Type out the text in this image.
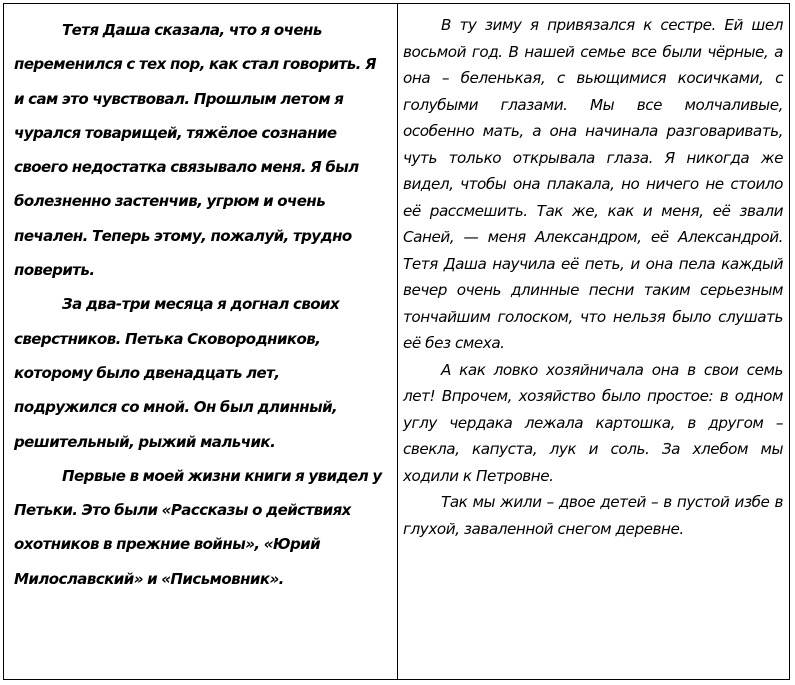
Тетя Даша сказала, что я очень переменился с тех пор, как стал говорить. Я и сам это чувствовал. Прошлым летом я чурался товарищей, тяжёлое сознание своего недостатка связывало меня. Я был болезненно застенчив, угрюм и очень печален. Теперь этому, пожалуй, трудно поверить.

За два-три месяца я догнал своих сверстников. Петька Сковородников, которому было двенадцать лет, подружился со мной. Он был длинный, решительный, рыжий мальчик.

Первые в моей жизни книги я увидел у Петьки. Это были «Рассказы о действиях охотников в прежние войны», «Юрий Милославский» и «Письмовник».

В ту зиму я привязался к сестре. Ей шел восьмой год. В нашей семье все были чёрные, а она – беленькая, с вьющимися косичками, с голубыми глазами. Мы все молчаливые, особенно мать, а она начинала разговаривать, чуть только открывала глаза. Я никогда же видел, чтобы она плакала, но ничего не стоило её рассмешить. Так же, как и меня, её звали Саней, — меня Александром, её Александрой. Тетя Даша научила её петь, и она пела каждый вечер очень длинные песни таким серьезным тончайшим голоском, что нельзя было слушать её без смеха.

А как ловко хозяйничала она в свои семь лет! Впрочем, хозяйство было простое: в одном углу чердака лежала картошка, в другом – свекла, капуста, лук и соль. За хлебом мы ходили к Петровне.

Так мы жили – двое детей – в пустой избе в глухой, заваленной снегом деревне.
